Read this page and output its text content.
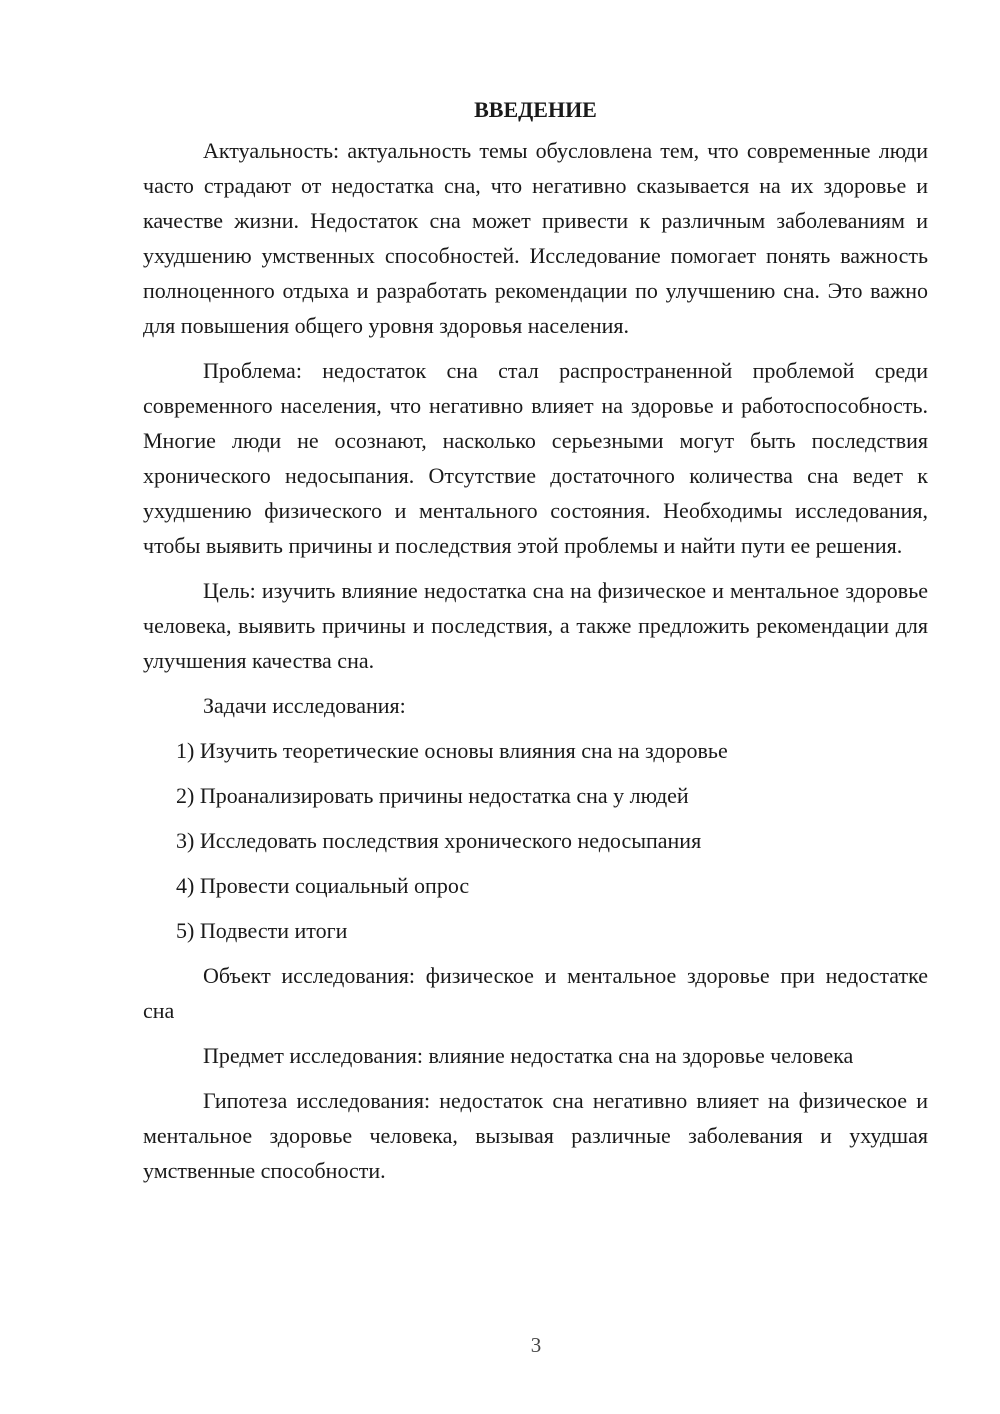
ВВЕДЕНИЕ

Актуальность: актуальность темы обусловлена тем, что современные люди часто страдают от недостатка сна, что негативно сказывается на их здоровье и качестве жизни. Недостаток сна может привести к различным заболеваниям и ухудшению умственных способностей. Исследование помогает понять важность полноценного отдыха и разработать рекомендации по улучшению сна. Это важно для повышения общего уровня здоровья населения.

Проблема: недостаток сна стал распространенной проблемой среди современного населения, что негативно влияет на здоровье и работоспособность. Многие люди не осознают, насколько серьезными могут быть последствия хронического недосыпания. Отсутствие достаточного количества сна ведет к ухудшению физического и ментального состояния. Необходимы исследования, чтобы выявить причины и последствия этой проблемы и найти пути ее решения.

Цель: изучить влияние недостатка сна на физическое и ментальное здоровье человека, выявить причины и последствия, а также предложить рекомендации для улучшения качества сна.

Задачи исследования:

1) Изучить теоретические основы влияния сна на здоровье
2) Проанализировать причины недостатка сна у людей
3) Исследовать последствия хронического недосыпания
4) Провести социальный опрос
5) Подвести итоги

Объект исследования: физическое и ментальное здоровье при недостатке сна

Предмет исследования: влияние недостатка сна на здоровье человека

Гипотеза исследования: недостаток сна негативно влияет на физическое и ментальное здоровье человека, вызывая различные заболевания и ухудшая умственные способности.

3
